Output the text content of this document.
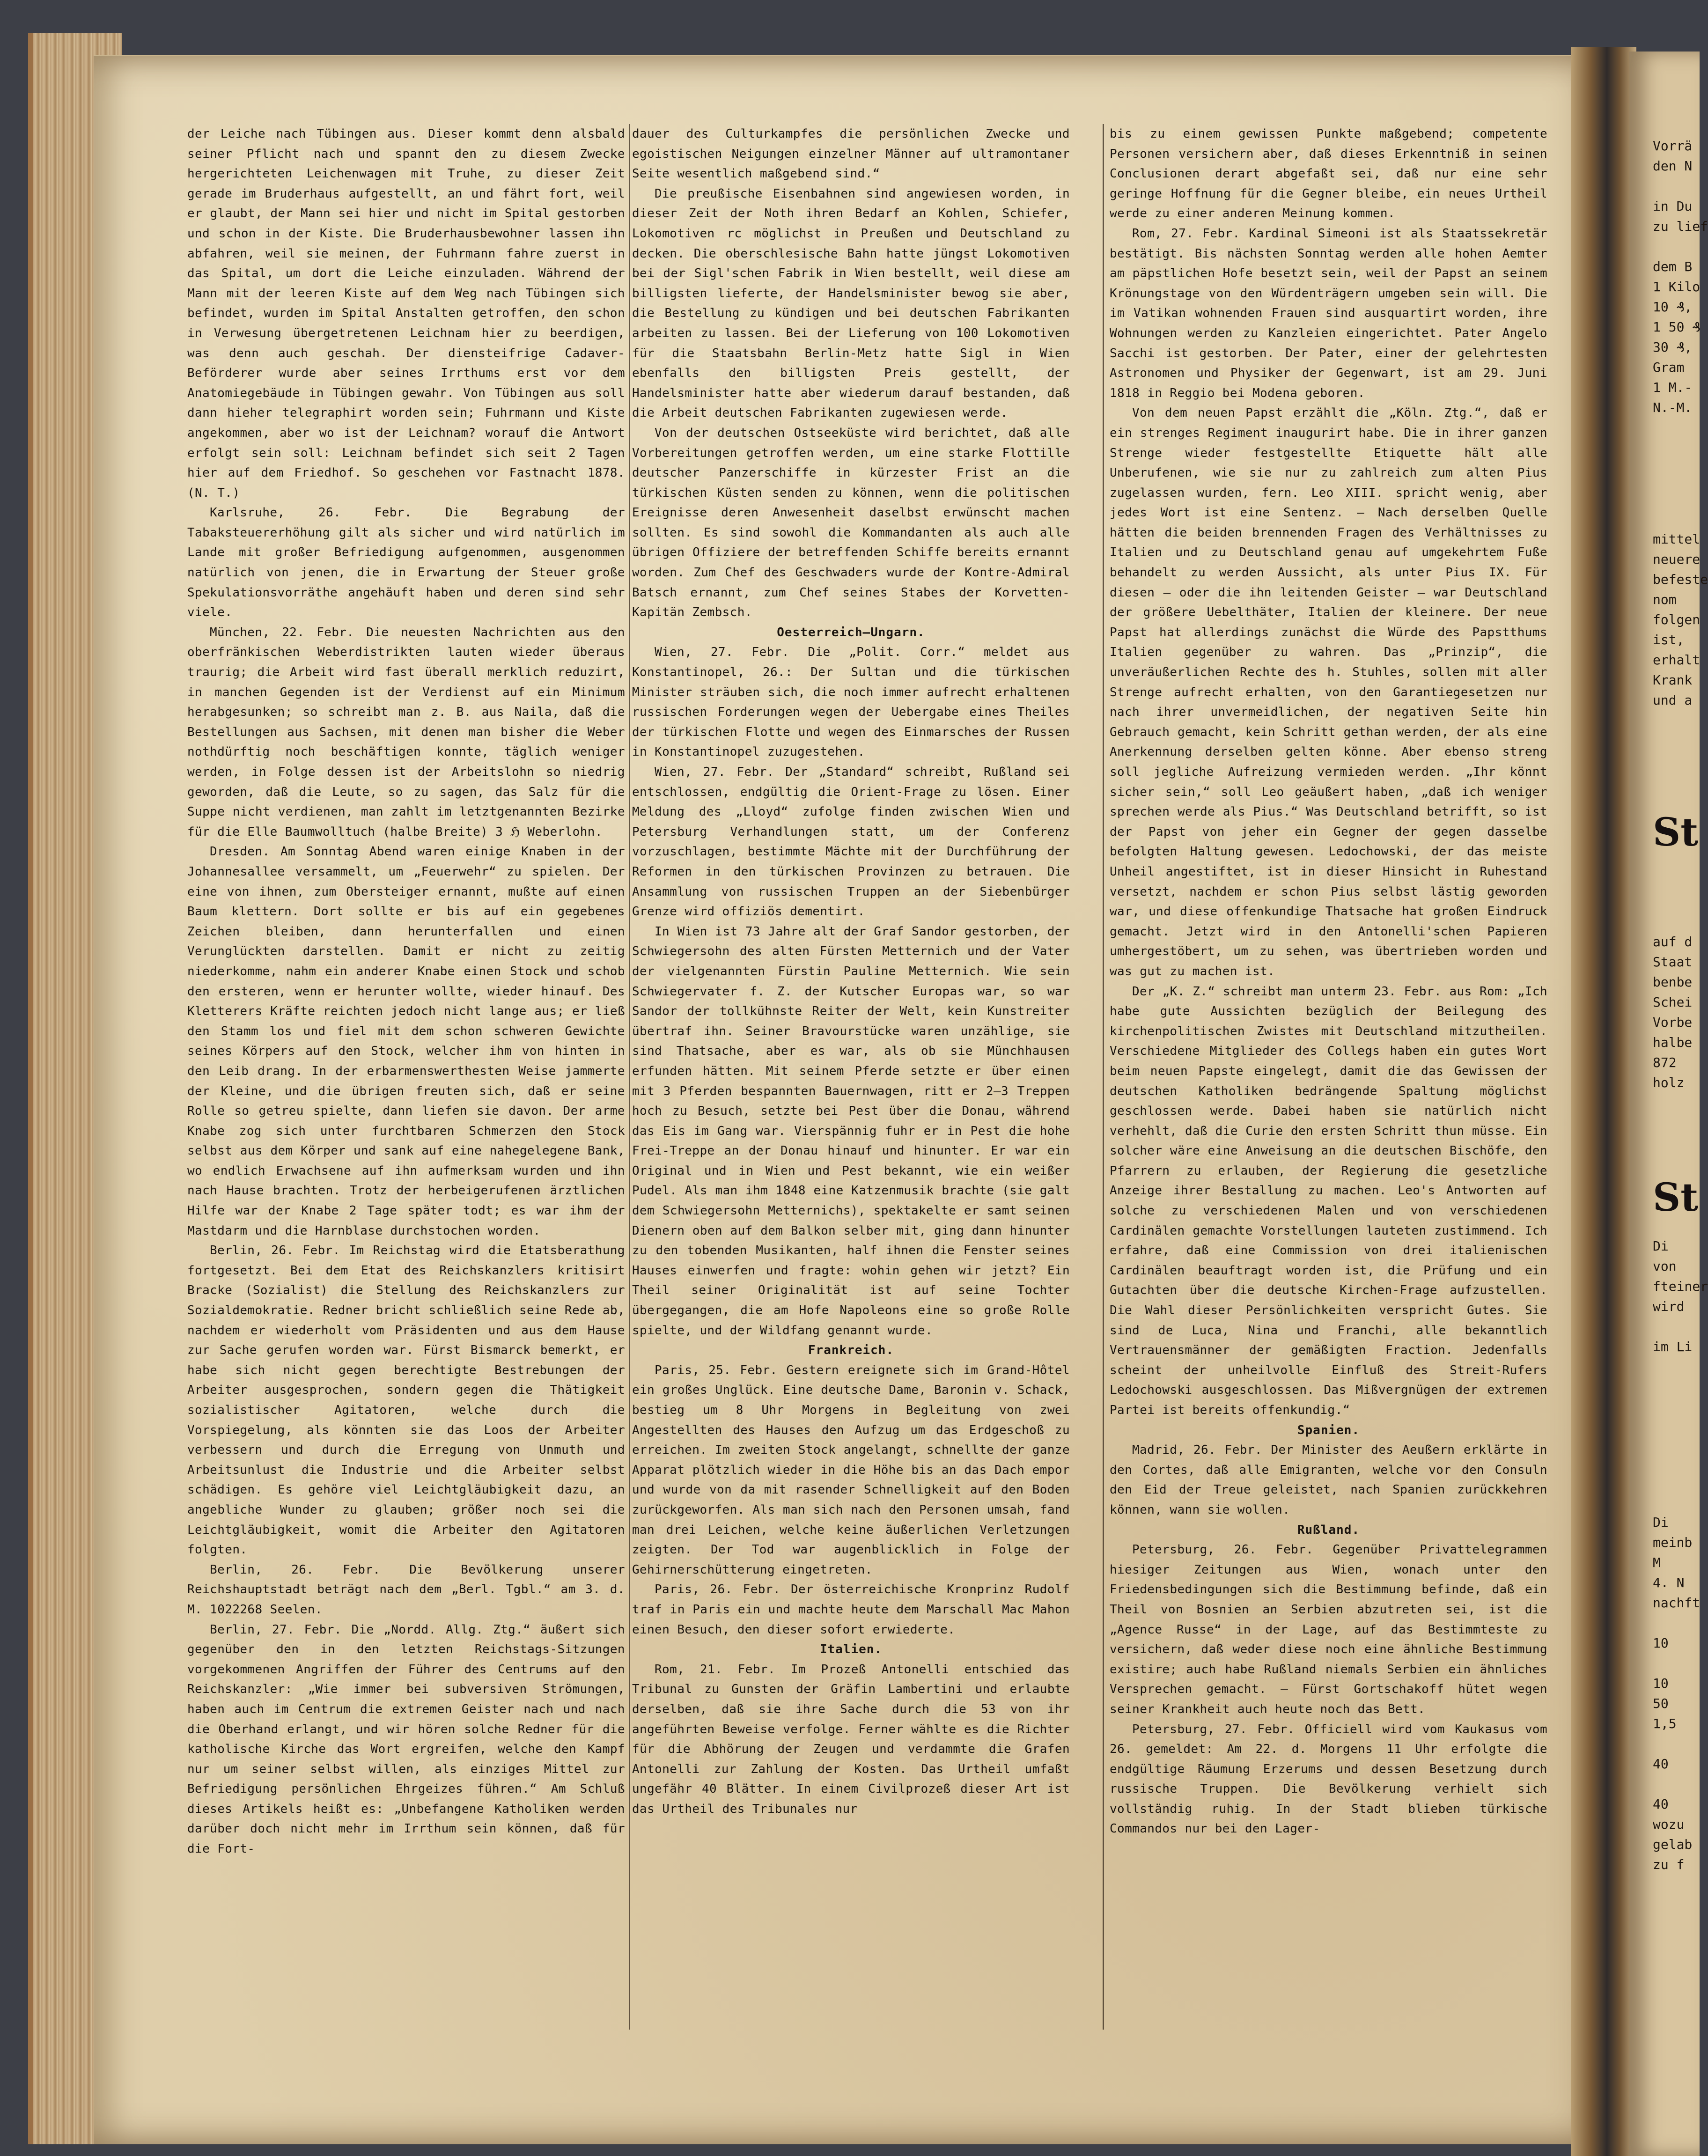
der Leiche nach Tübingen aus. Dieser kommt denn alsbald seiner Pflicht nach und spannt den zu diesem Zwecke hergerichteten Leichenwagen mit Truhe, zu dieser Zeit gerade im Bruderhaus aufgestellt, an und fährt fort, weil er glaubt, der Mann sei hier und nicht im Spital gestorben und schon in der Kiste. Die Bruderhausbewohner lassen ihn abfahren, weil sie meinen, der Fuhrmann fahre zuerst in das Spital, um dort die Leiche einzuladen. Während der Mann mit der leeren Kiste auf dem Weg nach Tübingen sich befindet, wurden im Spital Anstalten getroffen, den schon in Verwesung übergetretenen Leichnam hier zu beerdigen, was denn auch geschah. Der diensteifrige Cadaver-Beförderer wurde aber seines Irrthums erst vor dem Anatomiegebäude in Tübingen gewahr. Von Tübingen aus soll dann hieher telegraphirt worden sein; Fuhrmann und Kiste angekommen, aber wo ist der Leichnam? worauf die Antwort erfolgt sein soll: Leichnam befindet sich seit 2 Tagen hier auf dem Friedhof. So geschehen vor Fastnacht 1878. (N. T.)

Karlsruhe, 26. Febr. Die Begrabung der Tabaksteuererhöhung gilt als sicher und wird natürlich im Lande mit großer Befriedigung aufgenommen, ausgenommen natürlich von jenen, die in Erwartung der Steuer große Spekulationsvorräthe angehäuft haben und deren sind sehr viele.

München, 22. Febr. Die neuesten Nachrichten aus den oberfränkischen Weberdistrikten lauten wieder überaus traurig; die Arbeit wird fast überall merklich reduzirt, in manchen Gegenden ist der Verdienst auf ein Minimum herabgesunken; so schreibt man z. B. aus Naila, daß die Bestellungen aus Sachsen, mit denen man bisher die Weber nothdürftig noch beschäftigen konnte, täglich weniger werden, in Folge dessen ist der Arbeitslohn so niedrig geworden, daß die Leute, so zu sagen, das Salz für die Suppe nicht verdienen, man zahlt im letztgenannten Bezirke für die Elle Baumwolltuch (halbe Breite) 3 ℌ Weberlohn.

Dresden. Am Sonntag Abend waren einige Knaben in der Johannesallee versammelt, um „Feuerwehr“ zu spielen. Der eine von ihnen, zum Obersteiger ernannt, mußte auf einen Baum klettern. Dort sollte er bis auf ein gegebenes Zeichen bleiben, dann herunterfallen und einen Verunglückten darstellen. Damit er nicht zu zeitig niederkomme, nahm ein anderer Knabe einen Stock und schob den ersteren, wenn er herunter wollte, wieder hinauf. Des Kletterers Kräfte reichten jedoch nicht lange aus; er ließ den Stamm los und fiel mit dem schon schweren Gewichte seines Körpers auf den Stock, welcher ihm von hinten in den Leib drang. In der erbarmenswerthesten Weise jammerte der Kleine, und die übrigen freuten sich, daß er seine Rolle so getreu spielte, dann liefen sie davon. Der arme Knabe zog sich unter furchtbaren Schmerzen den Stock selbst aus dem Körper und sank auf eine nahegelegene Bank, wo endlich Erwachsene auf ihn aufmerksam wurden und ihn nach Hause brachten. Trotz der herbeigerufenen ärztlichen Hilfe war der Knabe 2 Tage später todt; es war ihm der Mastdarm und die Harnblase durchstochen worden.

Berlin, 26. Febr. Im Reichstag wird die Etatsberathung fortgesetzt. Bei dem Etat des Reichskanzlers kritisirt Bracke (Sozialist) die Stellung des Reichskanzlers zur Sozialdemokratie. Redner bricht schließlich seine Rede ab, nachdem er wiederholt vom Präsidenten und aus dem Hause zur Sache gerufen worden war. Fürst Bismarck bemerkt, er habe sich nicht gegen berechtigte Bestrebungen der Arbeiter ausgesprochen, sondern gegen die Thätigkeit sozialistischer Agitatoren, welche durch die Vorspiegelung, als könnten sie das Loos der Arbeiter verbessern und durch die Erregung von Unmuth und Arbeitsunlust die Industrie und die Arbeiter selbst schädigen. Es gehöre viel Leichtgläubigkeit dazu, an angebliche Wunder zu glauben; größer noch sei die Leichtgläubigkeit, womit die Arbeiter den Agitatoren folgten.

Berlin, 26. Febr. Die Bevölkerung unserer Reichshauptstadt beträgt nach dem „Berl. Tgbl.“ am 3. d. M. 1022268 Seelen.

Berlin, 27. Febr. Die „Nordd. Allg. Ztg.“ äußert sich gegenüber den in den letzten Reichstags-Sitzungen vorgekommenen Angriffen der Führer des Centrums auf den Reichskanzler: „Wie immer bei subversiven Strömungen, haben auch im Centrum die extremen Geister nach und nach die Oberhand erlangt, und wir hören solche Redner für die katholische Kirche das Wort ergreifen, welche den Kampf nur um seiner selbst willen, als einziges Mittel zur Befriedigung persönlichen Ehrgeizes führen.“ Am Schluß dieses Artikels heißt es: „Unbefangene Katholiken werden darüber doch nicht mehr im Irrthum sein können, daß für die Fort-

dauer des Culturkampfes die persönlichen Zwecke und egoistischen Neigungen einzelner Männer auf ultramontaner Seite wesentlich maßgebend sind.“

Die preußische Eisenbahnen sind angewiesen worden, in dieser Zeit der Noth ihren Bedarf an Kohlen, Schiefer, Lokomotiven rc möglichst in Preußen und Deutschland zu decken. Die oberschlesische Bahn hatte jüngst Lokomotiven bei der Sigl'schen Fabrik in Wien bestellt, weil diese am billigsten lieferte, der Handelsminister bewog sie aber, die Bestellung zu kündigen und bei deutschen Fabrikanten arbeiten zu lassen. Bei der Lieferung von 100 Lokomotiven für die Staatsbahn Berlin-Metz hatte Sigl in Wien ebenfalls den billigsten Preis gestellt, der Handelsminister hatte aber wiederum darauf bestanden, daß die Arbeit deutschen Fabrikanten zugewiesen werde.

Von der deutschen Ostseeküste wird berichtet, daß alle Vorbereitungen getroffen werden, um eine starke Flottille deutscher Panzerschiffe in kürzester Frist an die türkischen Küsten senden zu können, wenn die politischen Ereignisse deren Anwesenheit daselbst erwünscht machen sollten. Es sind sowohl die Kommandanten als auch alle übrigen Offiziere der betreffenden Schiffe bereits ernannt worden. Zum Chef des Geschwaders wurde der Kontre-Admiral Batsch ernannt, zum Chef seines Stabes der Korvetten-Kapitän Zembsch.

Oesterreich–Ungarn.

Wien, 27. Febr. Die „Polit. Corr.“ meldet aus Konstantinopel, 26.: Der Sultan und die türkischen Minister sträuben sich, die noch immer aufrecht erhaltenen russischen Forderungen wegen der Uebergabe eines Theiles der türkischen Flotte und wegen des Einmarsches der Russen in Konstantinopel zuzugestehen.

Wien, 27. Febr. Der „Standard“ schreibt, Rußland sei entschlossen, endgültig die Orient-Frage zu lösen. Einer Meldung des „Lloyd“ zufolge finden zwischen Wien und Petersburg Verhandlungen statt, um der Conferenz vorzuschlagen, bestimmte Mächte mit der Durchführung der Reformen in den türkischen Provinzen zu betrauen. Die Ansammlung von russischen Truppen an der Siebenbürger Grenze wird offiziös dementirt.

In Wien ist 73 Jahre alt der Graf Sandor gestorben, der Schwiegersohn des alten Fürsten Metternich und der Vater der vielgenannten Fürstin Pauline Metternich. Wie sein Schwiegervater f. Z. der Kutscher Europas war, so war Sandor der tollkühnste Reiter der Welt, kein Kunstreiter übertraf ihn. Seiner Bravourstücke waren unzählige, sie sind Thatsache, aber es war, als ob sie Münchhausen erfunden hätten. Mit seinem Pferde setzte er über einen mit 3 Pferden bespannten Bauernwagen, ritt er 2–3 Treppen hoch zu Besuch, setzte bei Pest über die Donau, während das Eis im Gang war. Vierspännig fuhr er in Pest die hohe Frei-Treppe an der Donau hinauf und hinunter. Er war ein Original und in Wien und Pest bekannt, wie ein weißer Pudel. Als man ihm 1848 eine Katzenmusik brachte (sie galt dem Schwiegersohn Metternichs), spektakelte er samt seinen Dienern oben auf dem Balkon selber mit, ging dann hinunter zu den tobenden Musikanten, half ihnen die Fenster seines Hauses einwerfen und fragte: wohin gehen wir jetzt? Ein Theil seiner Originalität ist auf seine Tochter übergegangen, die am Hofe Napoleons eine so große Rolle spielte, und der Wildfang genannt wurde.

Frankreich.

Paris, 25. Febr. Gestern ereignete sich im Grand-Hôtel ein großes Unglück. Eine deutsche Dame, Baronin v. Schack, bestieg um 8 Uhr Morgens in Begleitung von zwei Angestellten des Hauses den Aufzug um das Erdgeschoß zu erreichen. Im zweiten Stock angelangt, schnellte der ganze Apparat plötzlich wieder in die Höhe bis an das Dach empor und wurde von da mit rasender Schnelligkeit auf den Boden zurückgeworfen. Als man sich nach den Personen umsah, fand man drei Leichen, welche keine äußerlichen Verletzungen zeigten. Der Tod war augenblicklich in Folge der Gehirnerschütterung eingetreten.

Paris, 26. Febr. Der österreichische Kronprinz Rudolf traf in Paris ein und machte heute dem Marschall Mac Mahon einen Besuch, den dieser sofort erwiederte.

Italien.

Rom, 21. Febr. Im Prozeß Antonelli entschied das Tribunal zu Gunsten der Gräfin Lambertini und erlaubte derselben, daß sie ihre Sache durch die 53 von ihr angeführten Beweise verfolge. Ferner wählte es die Richter für die Abhörung der Zeugen und verdammte die Grafen Antonelli zur Zahlung der Kosten. Das Urtheil umfaßt ungefähr 40 Blätter. In einem Civilprozeß dieser Art ist das Urtheil des Tribunales nur

bis zu einem gewissen Punkte maßgebend; competente Personen versichern aber, daß dieses Erkenntniß in seinen Conclusionen derart abgefaßt sei, daß nur eine sehr geringe Hoffnung für die Gegner bleibe, ein neues Urtheil werde zu einer anderen Meinung kommen.

Rom, 27. Febr. Kardinal Simeoni ist als Staatssekretär bestätigt. Bis nächsten Sonntag werden alle hohen Aemter am päpstlichen Hofe besetzt sein, weil der Papst an seinem Krönungstage von den Würdenträgern umgeben sein will. Die im Vatikan wohnenden Frauen sind ausquartirt worden, ihre Wohnungen werden zu Kanzleien eingerichtet. Pater Angelo Sacchi ist gestorben. Der Pater, einer der gelehrtesten Astronomen und Physiker der Gegenwart, ist am 29. Juni 1818 in Reggio bei Modena geboren.

Von dem neuen Papst erzählt die „Köln. Ztg.“, daß er ein strenges Regiment inaugurirt habe. Die in ihrer ganzen Strenge wieder festgestellte Etiquette hält alle Unberufenen, wie sie nur zu zahlreich zum alten Pius zugelassen wurden, fern. Leo XIII. spricht wenig, aber jedes Wort ist eine Sentenz. — Nach derselben Quelle hätten die beiden brennenden Fragen des Verhältnisses zu Italien und zu Deutschland genau auf umgekehrtem Fuße behandelt zu werden Aussicht, als unter Pius IX. Für diesen — oder die ihn leitenden Geister — war Deutschland der größere Uebelthäter, Italien der kleinere. Der neue Papst hat allerdings zunächst die Würde des Papstthums Italien gegenüber zu wahren. Das „Prinzip“, die unveräußerlichen Rechte des h. Stuhles, sollen mit aller Strenge aufrecht erhalten, von den Garantiegesetzen nur nach ihrer unvermeidlichen, der negativen Seite hin Gebrauch gemacht, kein Schritt gethan werden, der als eine Anerkennung derselben gelten könne. Aber ebenso streng soll jegliche Aufreizung vermieden werden. „Ihr könnt sicher sein,“ soll Leo geäußert haben, „daß ich weniger sprechen werde als Pius.“ Was Deutschland betrifft, so ist der Papst von jeher ein Gegner der gegen dasselbe befolgten Haltung gewesen. Ledochowski, der das meiste Unheil angestiftet, ist in dieser Hinsicht in Ruhestand versetzt, nachdem er schon Pius selbst lästig geworden war, und diese offenkundige Thatsache hat großen Eindruck gemacht. Jetzt wird in den Antonelli'schen Papieren umhergestöbert, um zu sehen, was übertrieben worden und was gut zu machen ist.

Der „K. Z.“ schreibt man unterm 23. Febr. aus Rom: „Ich habe gute Aussichten bezüglich der Beilegung des kirchenpolitischen Zwistes mit Deutschland mitzutheilen. Verschiedene Mitglieder des Collegs haben ein gutes Wort beim neuen Papste eingelegt, damit die das Gewissen der deutschen Katholiken bedrängende Spaltung möglichst geschlossen werde. Dabei haben sie natürlich nicht verhehlt, daß die Curie den ersten Schritt thun müsse. Ein solcher wäre eine Anweisung an die deutschen Bischöfe, den Pfarrern zu erlauben, der Regierung die gesetzliche Anzeige ihrer Bestallung zu machen. Leo's Antworten auf solche zu verschiedenen Malen und von verschiedenen Cardinälen gemachte Vorstellungen lauteten zustimmend. Ich erfahre, daß eine Commission von drei italienischen Cardinälen beauftragt worden ist, die Prüfung und ein Gutachten über die deutsche Kirchen-Frage aufzustellen. Die Wahl dieser Persönlichkeiten verspricht Gutes. Sie sind de Luca, Nina und Franchi, alle bekanntlich Vertrauensmänner der gemäßigten Fraction. Jedenfalls scheint der unheilvolle Einfluß des Streit-Rufers Ledochowski ausgeschlossen. Das Mißvergnügen der extremen Partei ist bereits offenkundig.“

Spanien.

Madrid, 26. Febr. Der Minister des Aeußern erklärte in den Cortes, daß alle Emigranten, welche vor den Consuln den Eid der Treue geleistet, nach Spanien zurückkehren können, wann sie wollen.

Rußland.

Petersburg, 26. Febr. Gegenüber Privattelegrammen hiesiger Zeitungen aus Wien, wonach unter den Friedensbedingungen sich die Bestimmung befinde, daß ein Theil von Bosnien an Serbien abzutreten sei, ist die „Agence Russe“ in der Lage, auf das Bestimmteste zu versichern, daß weder diese noch eine ähnliche Bestimmung existire; auch habe Rußland niemals Serbien ein ähnliches Versprechen gemacht. — Fürst Gortschakoff hütet wegen seiner Krankheit auch heute noch das Bett.

Petersburg, 27. Febr. Officiell wird vom Kaukasus vom 26. gemeldet: Am 22. d. Morgens 11 Uhr erfolgte die endgültige Räumung Erzerums und dessen Besetzung durch russische Truppen. Die Bevölkerung verhielt sich vollständig ruhig. In der Stadt blieben türkische Commandos nur bei den Lager-

Vorrä
den N

in Du
zu lief

dem B
1 Kilo
10 ₰,
1 50 ₰
30 ₰,
Gram
1 M.-
N.-M.
mittel
neuere
befeste
nom
folgen
ist,
erhalt
Krank
und a
St
auf d
Staat
benbe
Schei
Vorbe
halbe
872
holz
St
Di
von
fteiner
wird

im Li
Di
meinb
M
4. N
nachft

10

10
50
1,5

40

40
wozu
gelab
zu f
